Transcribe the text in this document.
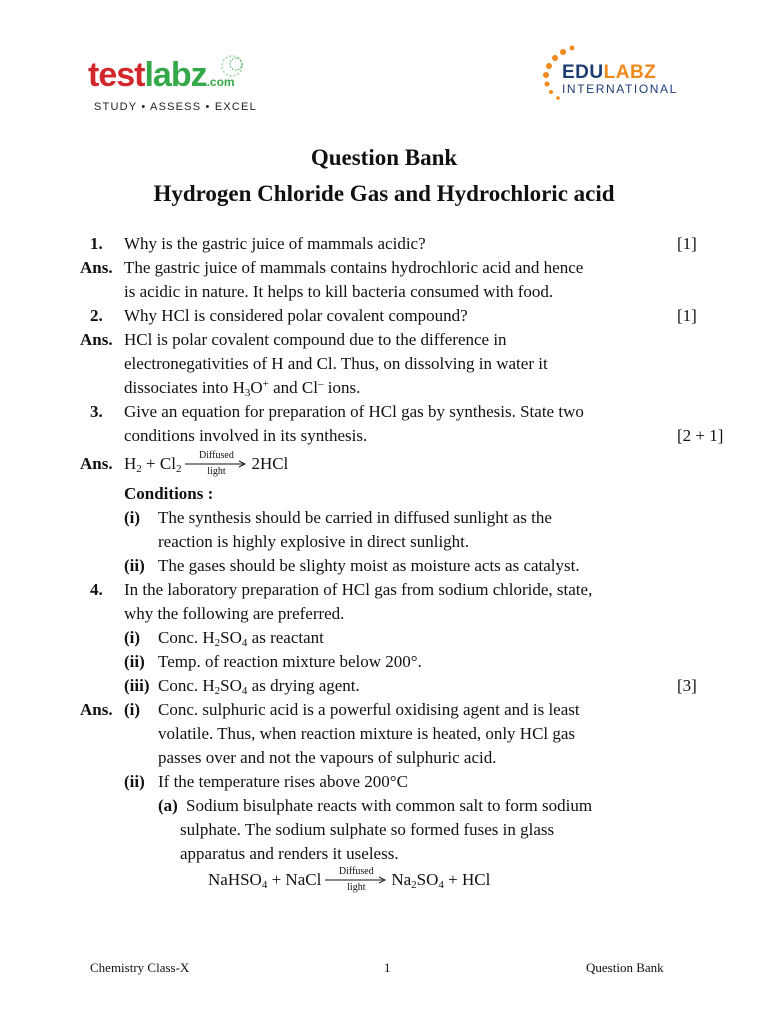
testlabz.com
STUDY • ASSESS • EXCEL
EDULABZ
INTERNATIONAL
Question Bank
Hydrogen Chloride Gas and Hydrochloric acid
1. Why is the gastric juice of mammals acidic?	[1]
Ans. The gastric juice of mammals contains hydrochloric acid and hence
is acidic in nature. It helps to kill bacteria consumed with food.
2. Why HCl is considered polar covalent compound?	[1]
Ans. HCl is polar covalent compound due to the difference in
electronegativities of H and Cl. Thus, on dissolving in water it
dissociates into $H_3O^+$ and Cl– ions.
3. Give an equation for preparation of HCl gas by synthesis. State two
conditions involved in its synthesis.	[2 + 1]
Ans. $H_2 + Cl_2$
Diffused
light	2HCl
Conditions :
(i) The synthesis should be carried in diffused sunlight as the
reaction is highly explosive in direct sunlight.
(ii) The gases should be slighty moist as moisture acts as catalyst.
4. In the laboratory preparation of HCl gas from sodium chloride, state,
why the following are preferred.
(i) Conc. $H_2SO_4$ as reactant
(ii) Temp. of reaction mixture below 200°.
(iii) Conc. $H_2SO_4$ as drying agent.	[3]
Ans. (i) Conc. sulphuric acid is a powerful oxidising agent and is least
volatile. Thus, when reaction mixture is heated, only HCl gas
passes over and not the vapours of sulphuric acid.
(ii) If the temperature rises above 200°C
(a) Sodium bisulphate reacts with common salt to form sodium
sulphate. The sodium sulphate so formed fuses in glass
apparatus and renders it useless.
NaHSO$_4$ + NaCl	Diffused
light	$Na_2SO_4$ + HCl
Chemistry Class-X	1	Question Bank
